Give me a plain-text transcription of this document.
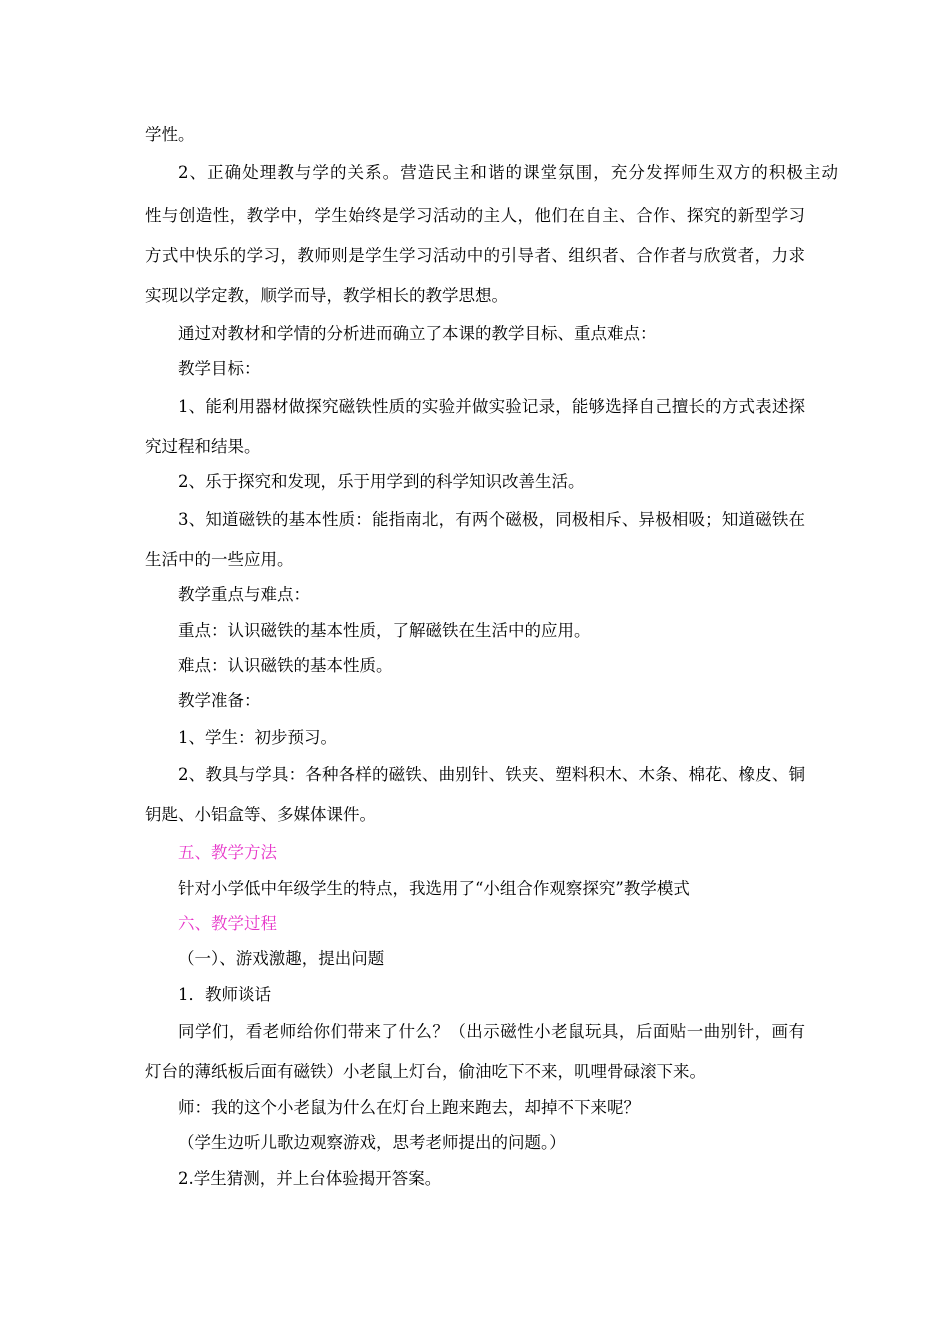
学性。
2、正确处理教与学的关系。营造民主和谐的课堂氛围，充分发挥师生双方的积极主动
性与创造性，教学中，学生始终是学习活动的主人，他们在自主、合作、探究的新型学习
方式中快乐的学习，教师则是学生学习活动中的引导者、组织者、合作者与欣赏者，力求
实现以学定教，顺学而导，教学相长的教学思想。
通过对教材和学情的分析进而确立了本课的教学目标、重点难点：
教学目标：
1、能利用器材做探究磁铁性质的实验并做实验记录，能够选择自己擅长的方式表述探
究过程和结果。
2、乐于探究和发现，乐于用学到的科学知识改善生活。
3、知道磁铁的基本性质：能指南北，有两个磁极，同极相斥、异极相吸；知道磁铁在
生活中的一些应用。
教学重点与难点：
重点：认识磁铁的基本性质，了解磁铁在生活中的应用。
难点：认识磁铁的基本性质。
教学准备：
1、学生：初步预习。
2、教具与学具：各种各样的磁铁、曲别针、铁夹、塑料积木、木条、棉花、橡皮、铜
钥匙、小铝盒等、多媒体课件。
五、教学方法
针对小学低中年级学生的特点，我选用了“小组合作观察探究”教学模式
六、教学过程
（一）、游戏激趣，提出问题
1．教师谈话
同学们，看老师给你们带来了什么？（出示磁性小老鼠玩具，后面贴一曲别针，画有
灯台的薄纸板后面有磁铁）小老鼠上灯台，偷油吃下不来，叽哩骨碌滚下来。
师：我的这个小老鼠为什么在灯台上跑来跑去，却掉不下来呢？
（学生边听儿歌边观察游戏，思考老师提出的问题。）
2.学生猜测，并上台体验揭开答案。
